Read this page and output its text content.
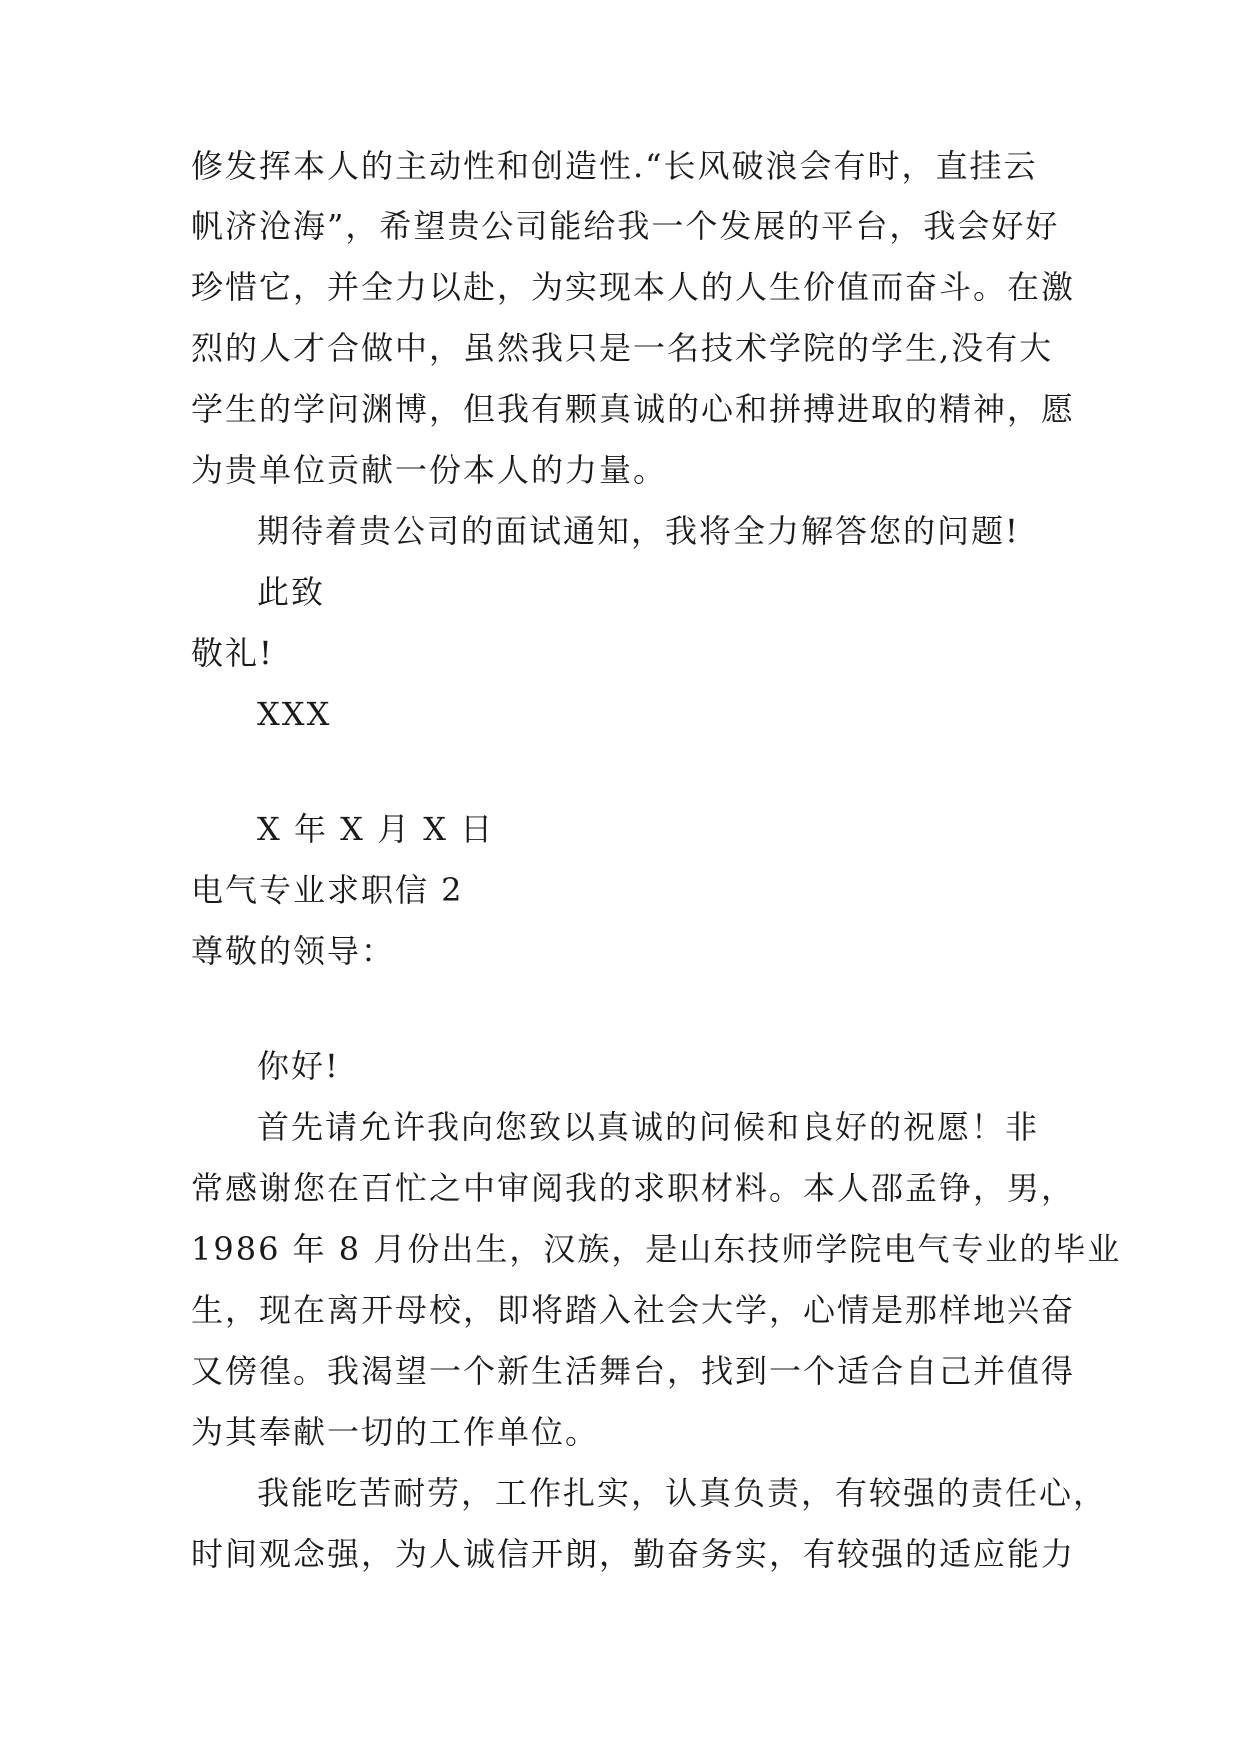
修发挥本人的主动性和创造性.“长风破浪会有时，直挂云

帆济沧海”，希望贵公司能给我一个发展的平台，我会好好

珍惜它，并全力以赴，为实现本人的人生价值而奋斗。在激

烈的人才合做中，虽然我只是一名技术学院的学生,没有大

学生的学问渊博，但我有颗真诚的心和拼搏进取的精神，愿

为贵单位贡献一份本人的力量。

期待着贵公司的面试通知，我将全力解答您的问题!

此致

敬礼!

XXX

X 年 X 月 X 日

电气专业求职信 2

尊敬的领导：

你好!

首先请允许我向您致以真诚的问候和良好的祝愿！非

常感谢您在百忙之中审阅我的求职材料。本人邵孟铮，男，

1986 年 8 月份出生，汉族，是山东技师学院电气专业的毕业

生，现在离开母校，即将踏入社会大学，心情是那样地兴奋

又傍徨。我渴望一个新生活舞台，找到一个适合自己并值得

为其奉献一切的工作单位。

我能吃苦耐劳，工作扎实，认真负责，有较强的责任心，

时间观念强，为人诚信开朗，勤奋务实，有较强的适应能力
